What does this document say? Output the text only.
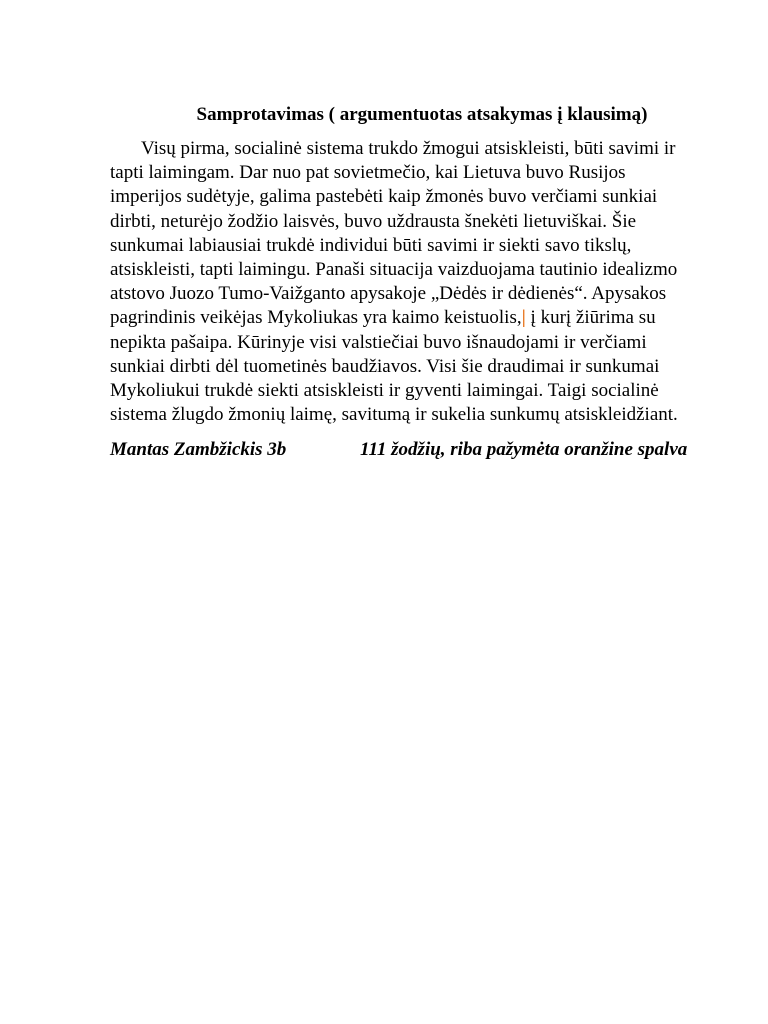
Samprotavimas ( argumentuotas atsakymas į klausimą)
Visų pirma, socialinė sistema trukdo žmogui atsiskleisti, būti savimi ir
tapti laimingam. Dar nuo pat sovietmečio, kai Lietuva buvo Rusijos
imperijos sudėtyje, galima pastebėti kaip žmonės buvo verčiami sunkiai
dirbti, neturėjo žodžio laisvės, buvo uždrausta šnekėti lietuviškai. Šie
sunkumai labiausiai trukdė individui būti savimi ir siekti savo tikslų,
atsiskleisti, tapti laimingu. Panaši situacija vaizduojama tautinio idealizmo
atstovo Juozo Tumo-Vaižganto apysakoje „Dėdės ir dėdienės“. Apysakos
pagrindinis veikėjas Mykoliukas yra kaimo keistuolis,| į kurį žiūrima su
nepikta pašaipa. Kūrinyje visi valstiečiai buvo išnaudojami ir verčiami
sunkiai dirbti dėl tuometinės baudžiavos. Visi šie draudimai ir sunkumai
Mykoliukui trukdė siekti atsiskleisti ir gyventi laimingai. Taigi socialinė
sistema žlugdo žmonių laimę, savitumą ir sukelia sunkumų atsiskleidžiant.
Mantas Zambžickis 3b	111 žodžių, riba pažymėta oranžine spalva
